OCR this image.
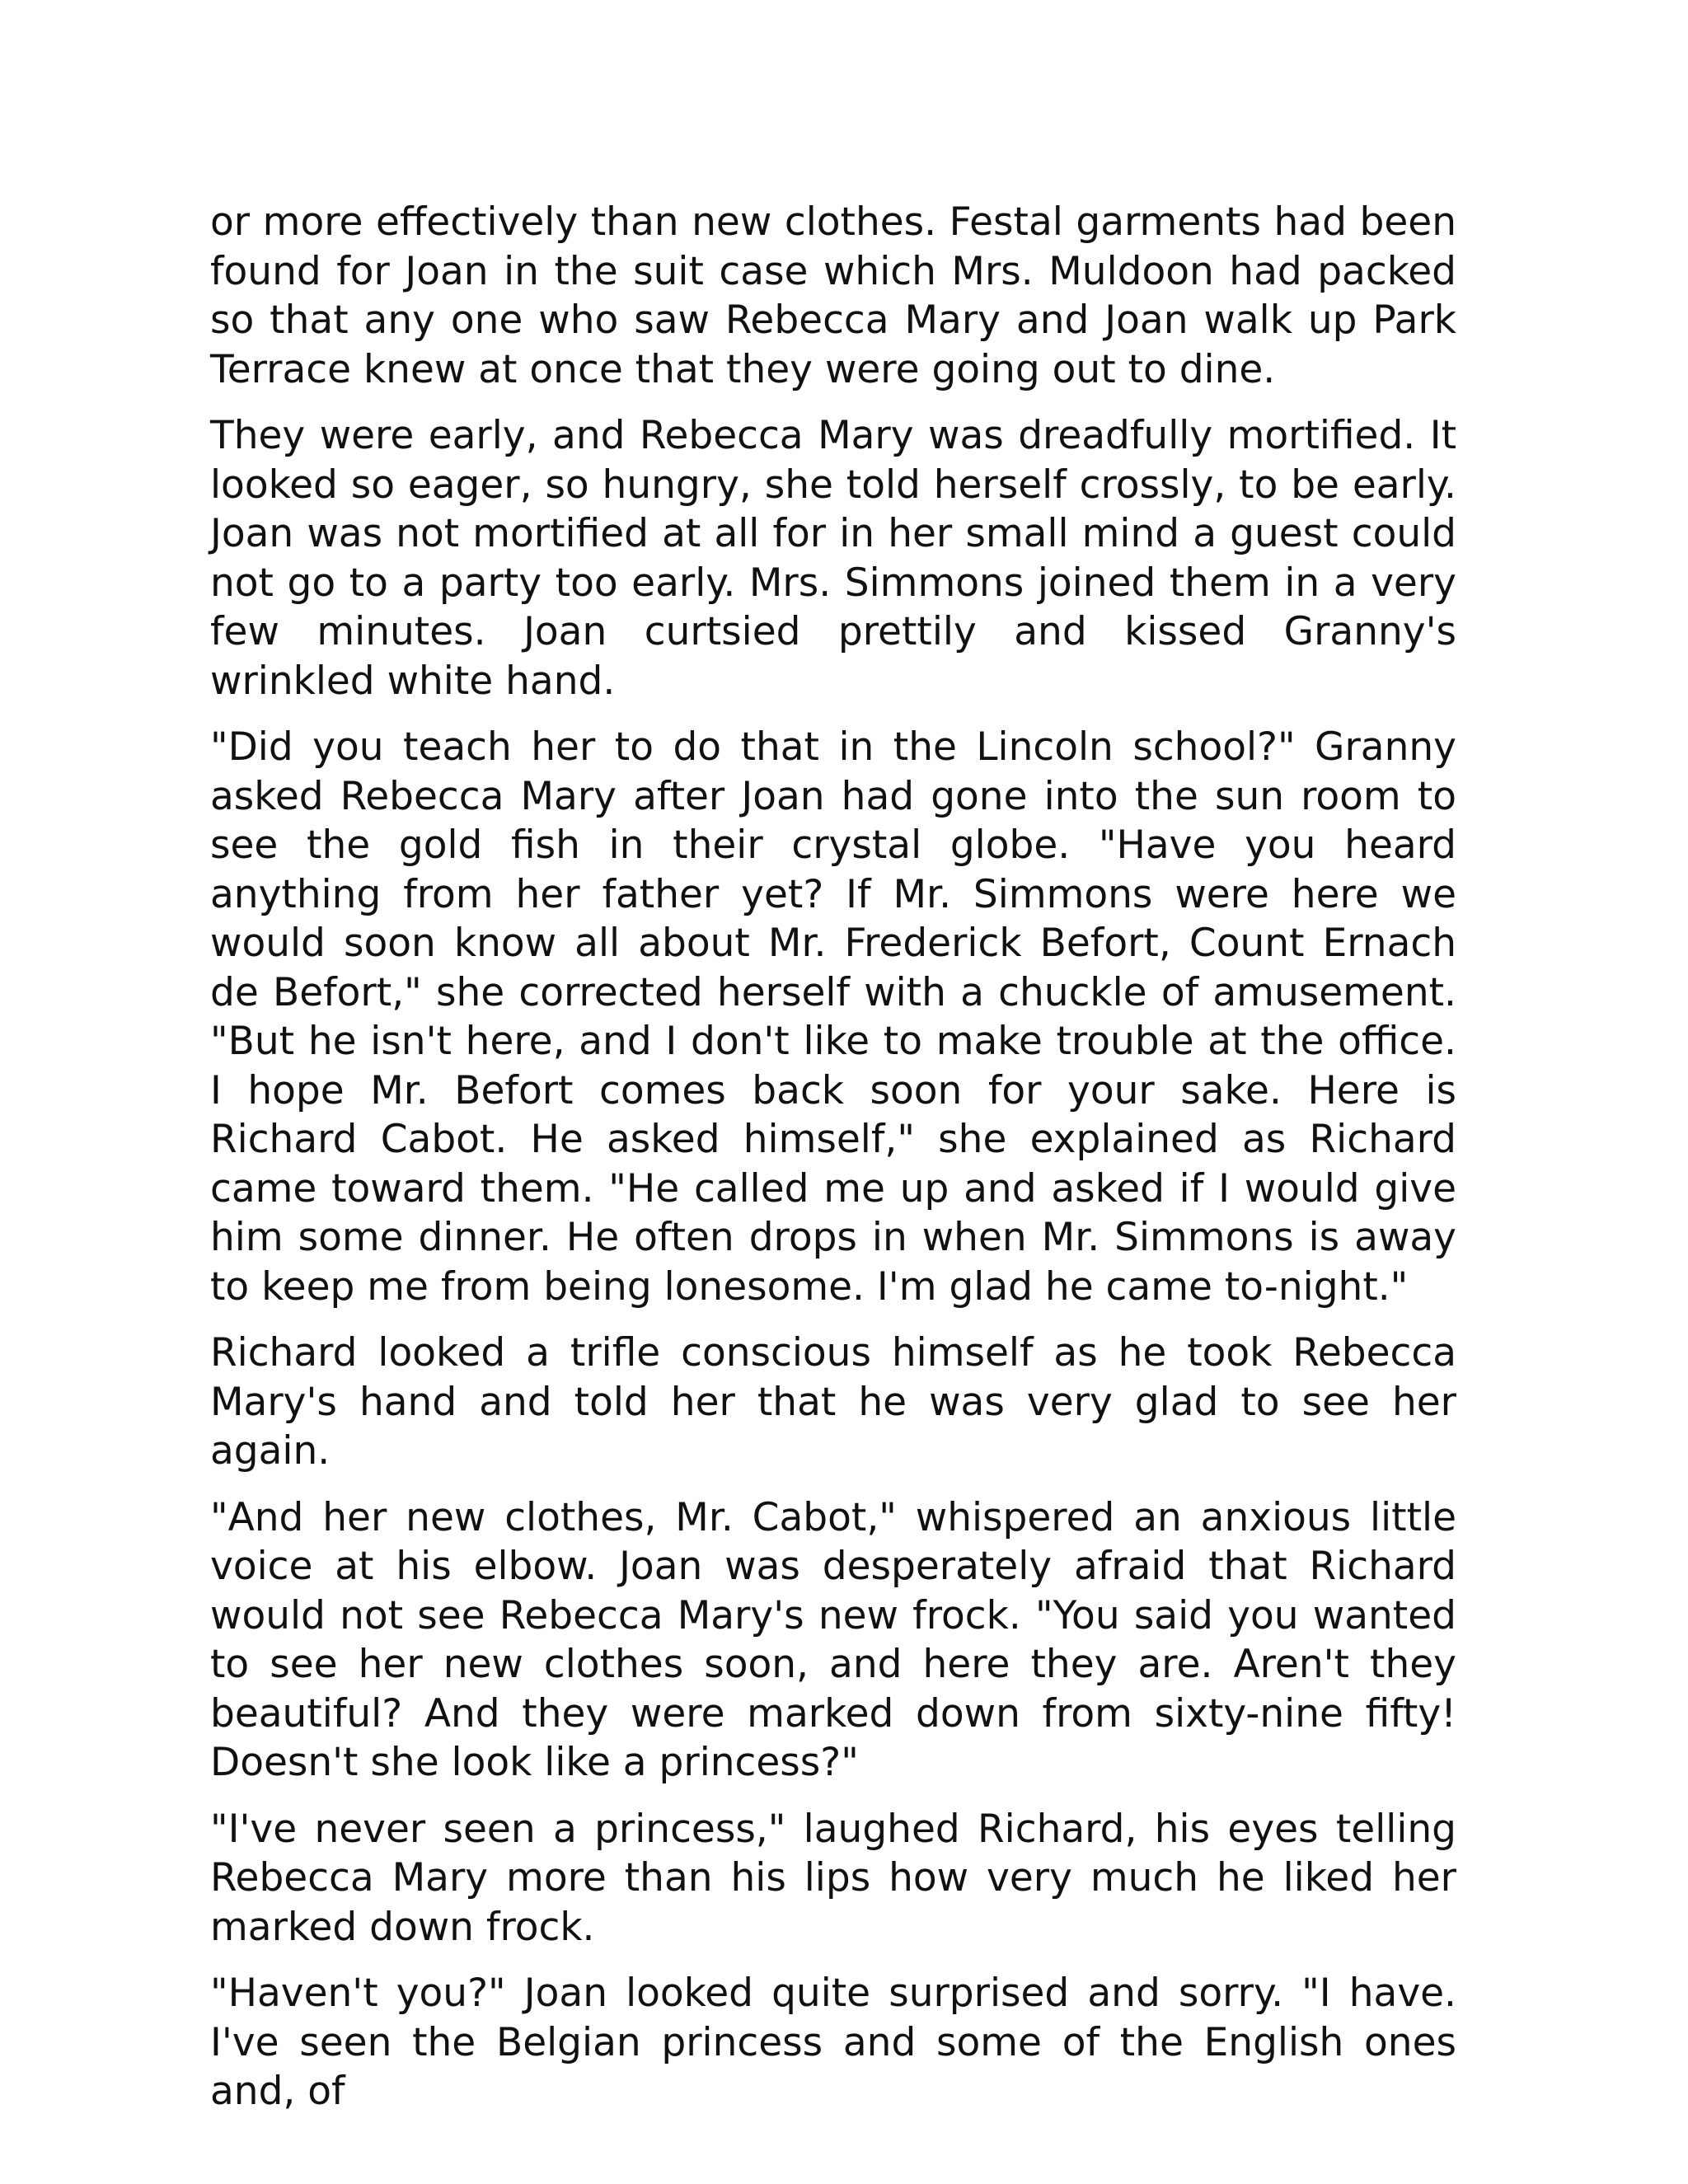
or more effectively than new clothes. Festal garments had been found for Joan in the suit case which Mrs. Muldoon had packed so that any one who saw Rebecca Mary and Joan walk up Park Terrace knew at once that they were going out to dine.

They were early, and Rebecca Mary was dreadfully mortified. It looked so eager, so hungry, she told herself crossly, to be early. Joan was not mortified at all for in her small mind a guest could not go to a party too early. Mrs. Simmons joined them in a very few minutes. Joan curtsied prettily and kissed Granny's wrinkled white hand.

"Did you teach her to do that in the Lincoln school?" Granny asked Rebecca Mary after Joan had gone into the sun room to see the gold fish in their crystal globe. "Have you heard anything from her father yet? If Mr. Simmons were here we would soon know all about Mr. Frederick Befort, Count Ernach de Befort," she corrected herself with a chuckle of amusement. "But he isn't here, and I don't like to make trouble at the office. I hope Mr. Befort comes back soon for your sake. Here is Richard Cabot. He asked himself," she explained as Richard came toward them. "He called me up and asked if I would give him some dinner. He often drops in when Mr. Simmons is away to keep me from being lonesome. I'm glad he came to-night."

Richard looked a trifle conscious himself as he took Rebecca Mary's hand and told her that he was very glad to see her again.

"And her new clothes, Mr. Cabot," whispered an anxious little voice at his elbow. Joan was desperately afraid that Richard would not see Rebecca Mary's new frock. "You said you wanted to see her new clothes soon, and here they are. Aren't they beautiful? And they were marked down from sixty-nine fifty! Doesn't she look like a princess?"

"I've never seen a princess," laughed Richard, his eyes telling Rebecca Mary more than his lips how very much he liked her marked down frock.

"Haven't you?" Joan looked quite surprised and sorry. "I have. I've seen the Belgian princess and some of the English ones and, of
